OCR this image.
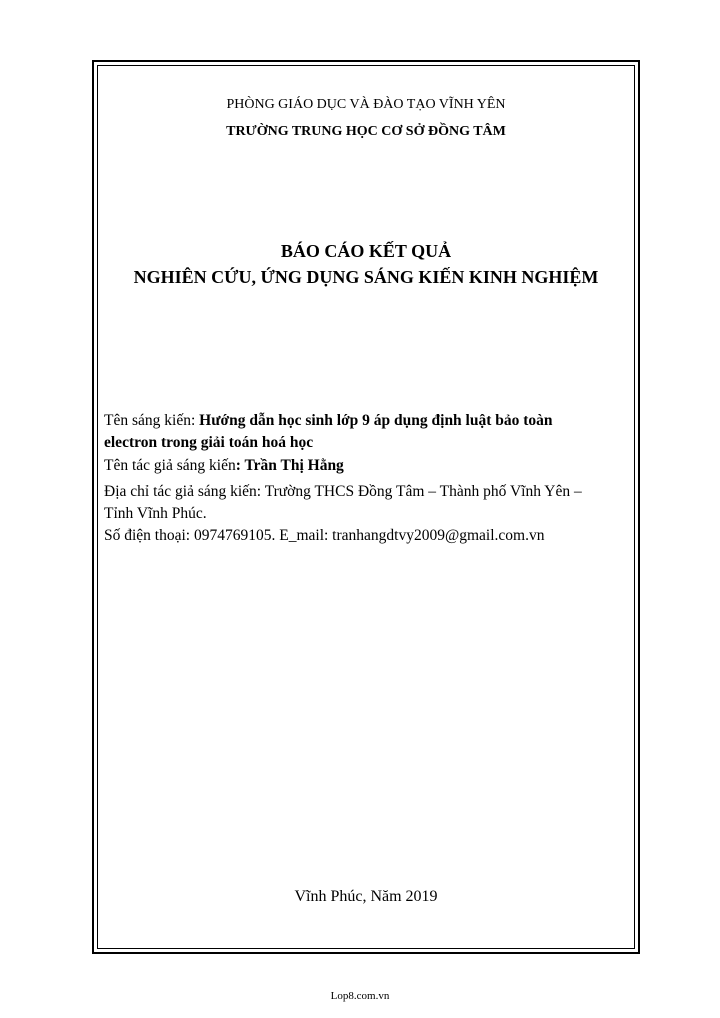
PHÒNG GIÁO DỤC VÀ ĐÀO TẠO VĨNH YÊN
TRƯỜNG TRUNG HỌC CƠ SỞ ĐỒNG TÂM
BÁO CÁO KẾT QUẢ
NGHIÊN CỨU, ỨNG DỤNG SÁNG KIẾN KINH NGHIỆM
Tên sáng kiến: Hướng dẫn học sinh lớp 9 áp dụng định luật bảo toàn
electron trong giải toán hoá học
Tên tác giả sáng kiến: Trần Thị Hằng
Địa chỉ tác giả sáng kiến: Trường THCS Đồng Tâm – Thành phố Vĩnh Yên –
Tỉnh Vĩnh Phúc.
Số điện thoại: 0974769105. E_mail: tranhangdtvy2009@gmail.com.vn
Vĩnh Phúc, Năm 2019
Lop8.com.vn
